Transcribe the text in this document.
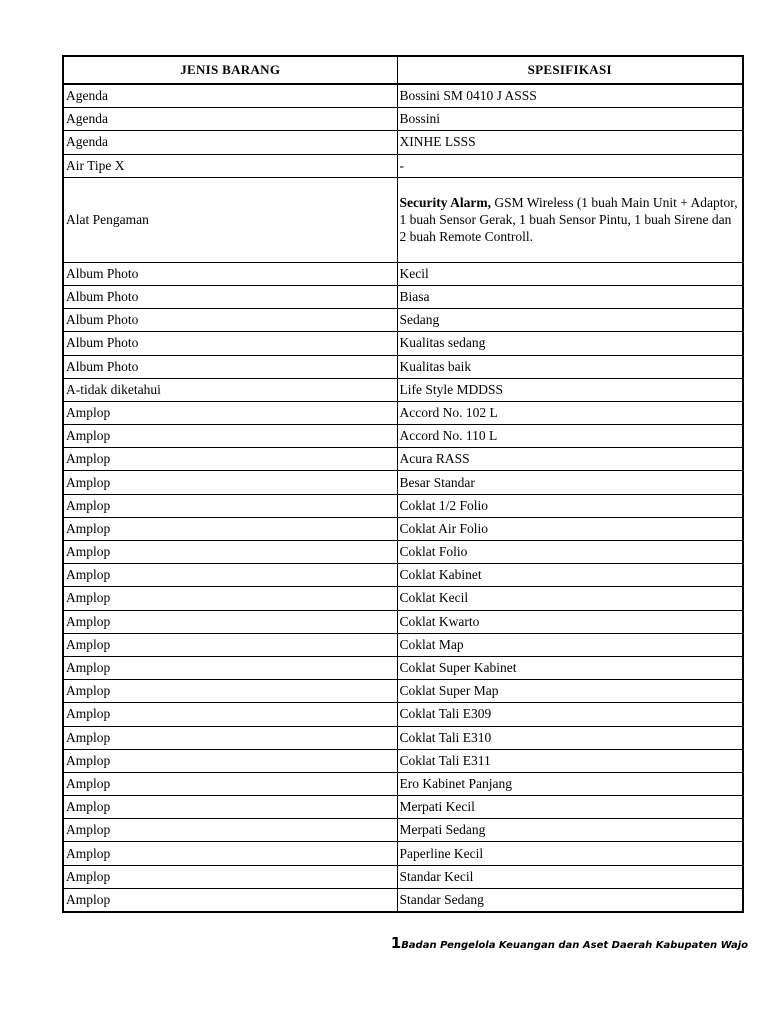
JENIS BARANG	SPESIFIKASI
Agenda	Bossini SM 0410 J ASSS
Agenda	Bossini
Agenda	XINHE LSSS
Air Tipe X	-
Alat Pengaman	Security Alarm, GSM Wireless (1 buah Main Unit + Adaptor, 1 buah Sensor Gerak, 1 buah Sensor Pintu, 1 buah Sirene dan 2 buah Remote Controll.
Album Photo	Kecil
Album Photo	Biasa
Album Photo	Sedang
Album Photo	Kualitas sedang
Album Photo	Kualitas baik
A-tidak diketahui	Life Style MDDSS
Amplop	Accord No. 102 L
Amplop	Accord No. 110 L
Amplop	Acura RASS
Amplop	Besar Standar
Amplop	Coklat 1/2 Folio
Amplop	Coklat Air Folio
Amplop	Coklat Folio
Amplop	Coklat Kabinet
Amplop	Coklat Kecil
Amplop	Coklat Kwarto
Amplop	Coklat Map
Amplop	Coklat Super Kabinet
Amplop	Coklat Super Map
Amplop	Coklat Tali E309
Amplop	Coklat Tali E310
Amplop	Coklat Tali E311
Amplop	Ero Kabinet Panjang
Amplop	Merpati Kecil
Amplop	Merpati Sedang
Amplop	Paperline Kecil
Amplop	Standar Kecil
Amplop	Standar Sedang
1Badan Pengelola Keuangan dan Aset Daerah Kabupaten Wajo
